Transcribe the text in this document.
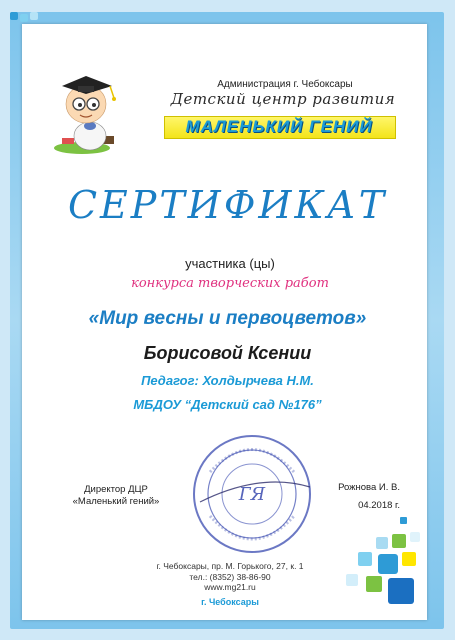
Администрация г. Чебоксары
Детский центр развития
МАЛЕНЬКИЙ ГЕНИЙ
СЕРТИФИКАТ
участника (цы)
конкурса творческих работ
«Мир весны и первоцветов»
Борисовой Ксении
Педагог: Холдырчева Н.М.
МБДОУ “Детский сад №176”
ГЯ
Директор ДЦР
«Маленький гений»
Рожнова И. В.
04.2018 г.
г. Чебоксары, пр. М. Горького, 27, к. 1
тел.: (8352) 38-86-90
www.mg21.ru
г. Чебоксары
